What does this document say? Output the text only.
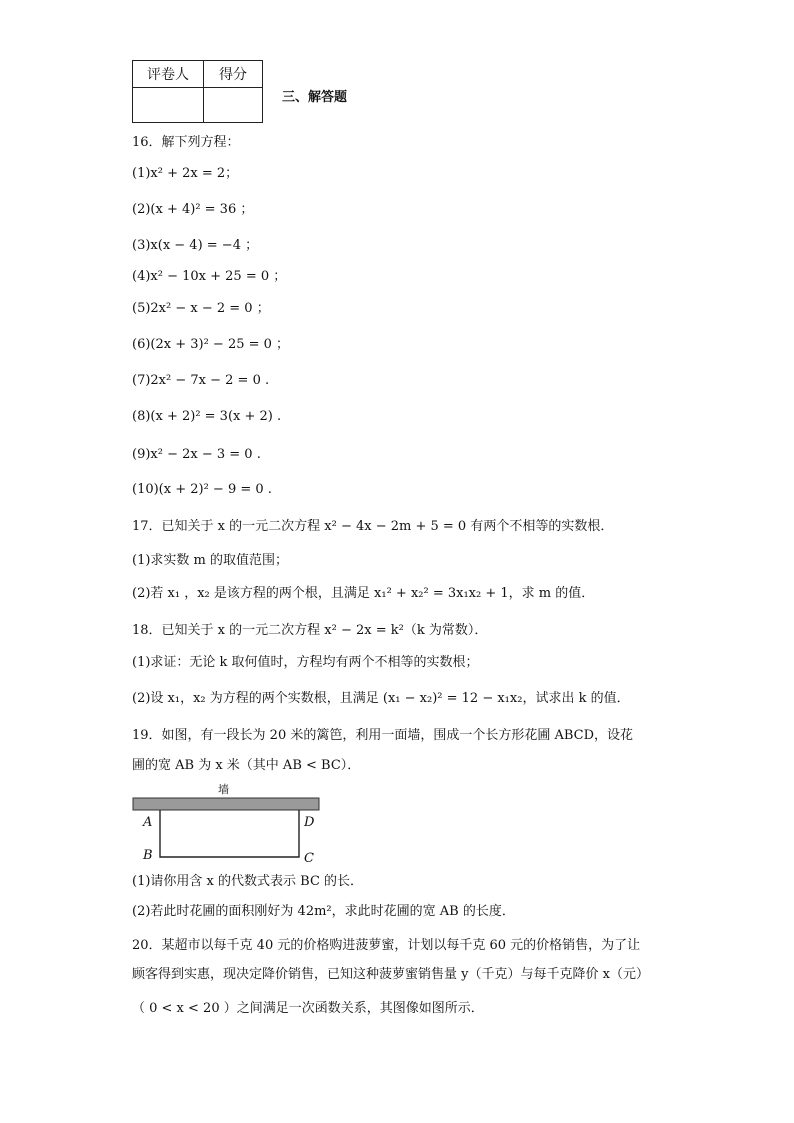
评卷人	得分

三、解答题
16．解下列方程：
(1)x² + 2x = 2；
(2)(x + 4)² = 36 ；
(3)x(x − 4) = −4 ；
(4)x² − 10x + 25 = 0 ；
(5)2x² − x − 2 = 0 ；
(6)(2x + 3)² − 25 = 0 ；
(7)2x² − 7x − 2 = 0 .
(8)(x + 2)² = 3(x + 2) .
(9)x² − 2x − 3 = 0 .
(10)(x + 2)² − 9 = 0 .
17．已知关于 x 的一元二次方程 x² − 4x − 2m + 5 = 0 有两个不相等的实数根．
(1)求实数 m 的取值范围；
(2)若 x₁ ，x₂ 是该方程的两个根，且满足 x₁² + x₂² = 3x₁x₂ + 1，求 m 的值．
18．已知关于 x 的一元二次方程 x² − 2x = k²（k 为常数）．
(1)求证：无论 k 取何值时，方程均有两个不相等的实数根；
(2)设 x₁，x₂ 为方程的两个实数根，且满足 (x₁ − x₂)² = 12 − x₁x₂，试求出 k 的值．
19．如图，有一段长为 20 米的篱笆，利用一面墙，围成一个长方形花圃 ABCD，设花
圃的宽 AB 为 x 米（其中 AB < BC）．
墙
A
B	C
D
(1)请你用含 x 的代数式表示 BC 的长．
(2)若此时花圃的面积刚好为 42m²，求此时花圃的宽 AB 的长度．
20．某超市以每千克 40 元的价格购进菠萝蜜，计划以每千克 60 元的价格销售，为了让
顾客得到实惠，现决定降价销售，已知这种菠萝蜜销售量 y（千克）与每千克降价 x（元）
（ 0 < x < 20 ）之间满足一次函数关系，其图像如图所示．
